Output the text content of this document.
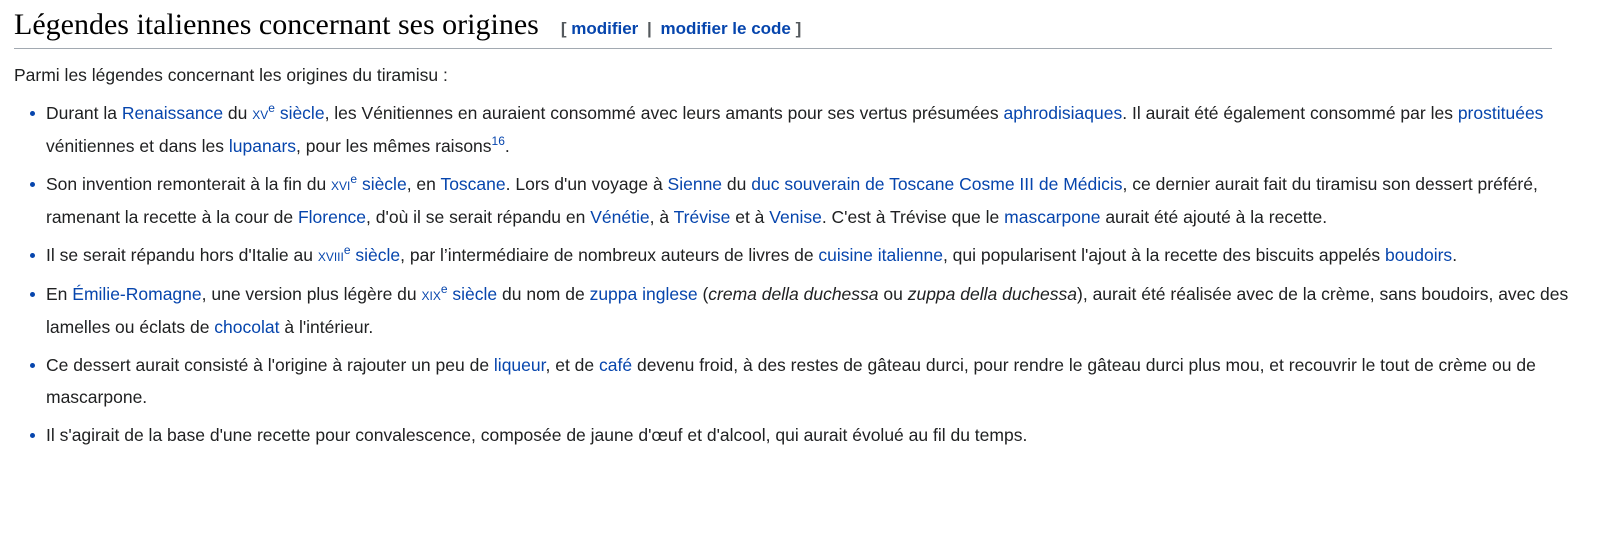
Légendes italiennes concernant ses origines [ modifier | modifier le code ]

Parmi les légendes concernant les origines du tiramisu :

Durant la Renaissance du $xv^e$ siècle, les Vénitiennes en auraient consommé avec leurs amants pour ses vertus présumées aphrodisiaques. Il aurait été également consommé par les prostituées vénitiennes et dans les lupanars, pour les mêmes raisons$^{16}$.
Son invention remonterait à la fin du xvi$^e$ siècle, en Toscane. Lors d'un voyage à Sienne du duc souverain de Toscane Cosme III de Médicis, ce dernier aurait fait du tiramisu son dessert préféré, ramenant la recette à la cour de Florence, d'où il se serait répandu en Vénétie, à Trévise et à Venise. C'est à Trévise que le mascarpone aurait été ajouté à la recette.
Il se serait répandu hors d'Italie au xviii$^e$ siècle, par l’intermédiaire de nombreux auteurs de livres de cuisine italienne, qui popularisent l'ajout à la recette des biscuits appelés boudoirs.
En Émilie-Romagne, une version plus légère du xix$^e$ siècle du nom de zuppa inglese (crema della duchessa ou zuppa della duchessa), aurait été réalisée avec de la crème, sans boudoirs, avec des lamelles ou éclats de chocolat à l'intérieur.
Ce dessert aurait consisté à l'origine à rajouter un peu de liqueur, et de café devenu froid, à des restes de gâteau durci, pour rendre le gâteau durci plus mou, et recouvrir le tout de crème ou de mascarpone.
Il s'agirait de la base d'une recette pour convalescence, composée de jaune d'œuf et d'alcool, qui aurait évolué au fil du temps.
